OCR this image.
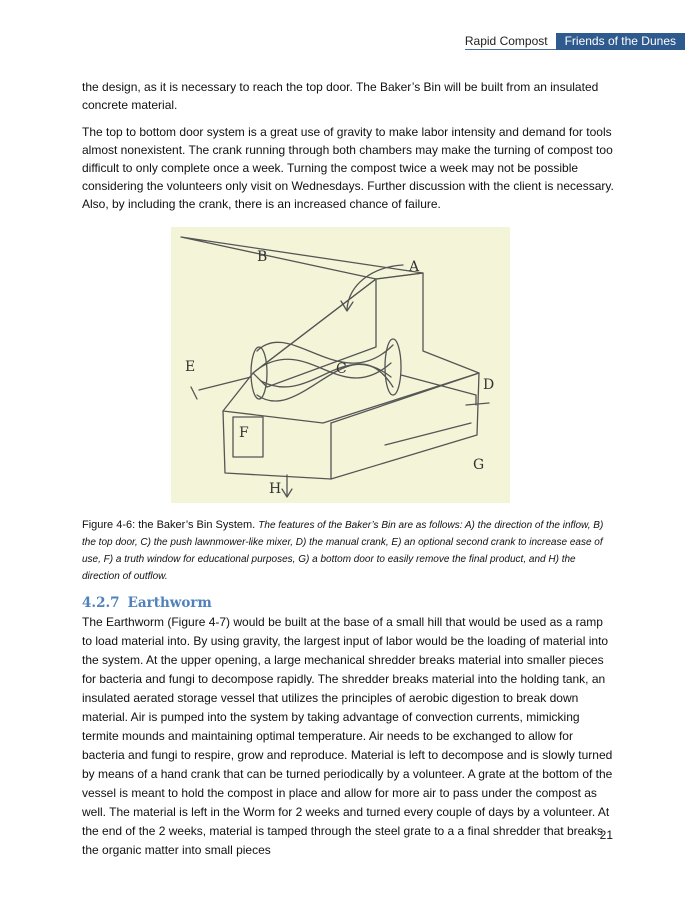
Rapid Compost	Friends of the Dunes

the design, as it is necessary to reach the top door. The Baker’s Bin will be built from an insulated concrete material.

The top to bottom door system is a great use of gravity to make labor intensity and demand for tools almost nonexistent. The crank running through both chambers may make the turning of compost too difficult to only complete once a week. Turning the compost twice a week may not be possible considering the volunteers only visit on Wednesdays. Further discussion with the client is necessary. Also, by including the crank, there is an increased chance of failure.

B
A
C
D
E
F
G
H
Figure 4-6: the Baker’s Bin System. The features of the Baker’s Bin are as follows: A) the direction of the inflow, B) the top door, C) the push lawnmower-like mixer, D) the manual crank, E) an optional second crank to increase ease of use, F) a truth window for educational purposes, G) a bottom door to easily remove the final product, and H) the direction of outflow.
4.2.7 Earthworm
The Earthworm (Figure 4-7) would be built at the base of a small hill that would be used as a ramp to load material into. By using gravity, the largest input of labor would be the loading of material into the system. At the upper opening, a large mechanical shredder breaks material into smaller pieces for bacteria and fungi to decompose rapidly. The shredder breaks material into the holding tank, an insulated aerated storage vessel that utilizes the principles of aerobic digestion to break down material. Air is pumped into the system by taking advantage of convection currents, mimicking termite mounds and maintaining optimal temperature. Air needs to be exchanged to allow for bacteria and fungi to respire, grow and reproduce. Material is left to decompose and is slowly turned by means of a hand crank that can be turned periodically by a volunteer. A grate at the bottom of the vessel is meant to hold the compost in place and allow for more air to pass under the compost as well. The material is left in the Worm for 2 weeks and turned every couple of days by a volunteer. At the end of the 2 weeks, material is tamped through the steel grate to a a final shredder that breaks the organic matter into small pieces
21
